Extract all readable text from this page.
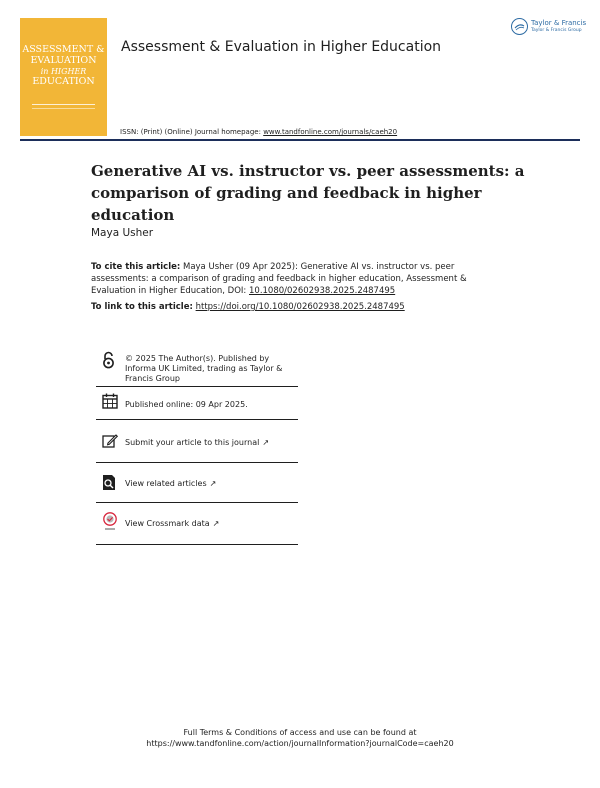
ASSESSMENT &
EVALUATION
in HIGHER
EDUCATION
Assessment & Evaluation in Higher Education
Taylor & Francis
Taylor & Francis Group
ISSN: (Print) (Online) Journal homepage: www.tandfonline.com/journals/caeh20
Generative AI vs. instructor vs. peer assessments: a comparison of grading and feedback in higher education
Maya Usher
To cite this article: Maya Usher (09 Apr 2025): Generative AI vs. instructor vs. peer assessments: a comparison of grading and feedback in higher education, Assessment & Evaluation in Higher Education, DOI: 10.1080/02602938.2025.2487495
To link to this article: https://doi.org/10.1080/02602938.2025.2487495
© 2025 The Author(s). Published by Informa UK Limited, trading as Taylor & Francis Group
Published online: 09 Apr 2025.
Submit your article to this journal ↗
View related articles ↗
View Crossmark data ↗
Full Terms & Conditions of access and use can be found at
https://www.tandfonline.com/action/journalInformation?journalCode=caeh20
